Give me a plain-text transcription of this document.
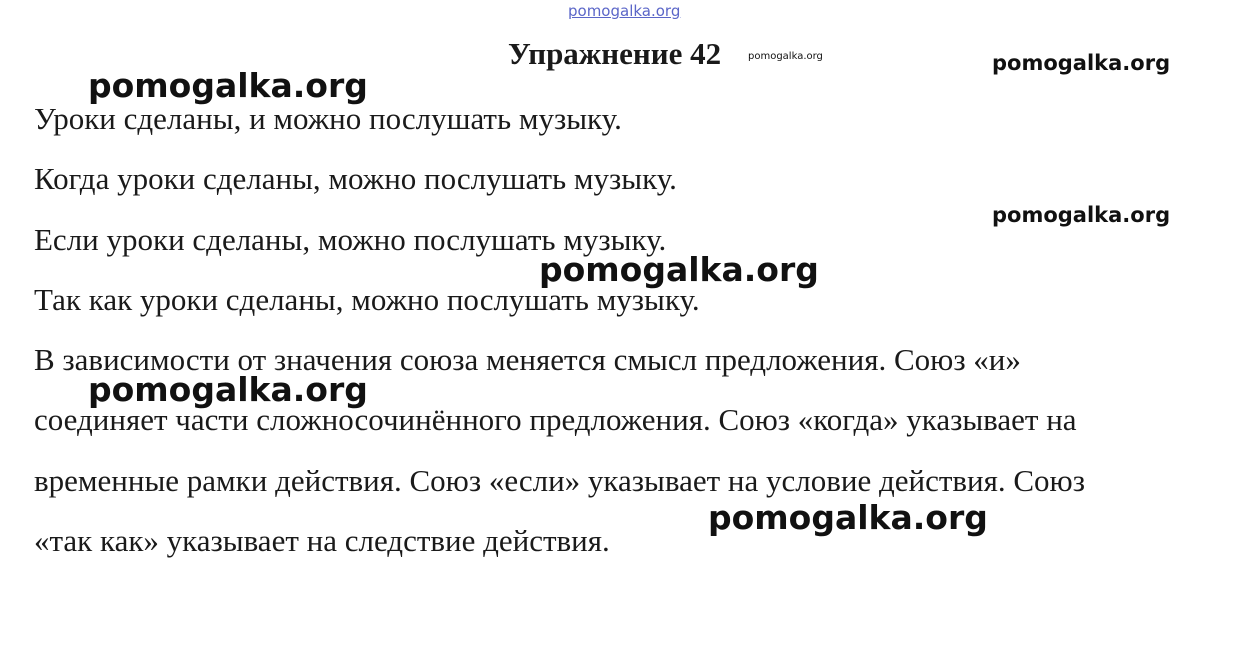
pomogalka.org
Упражнение 42	pomogalka.org	pomogalka.org
pomogalka.org
pomogalka.org
pomogalka.org
pomogalka.org
pomogalka.org
Уроки сделаны, и можно послушать музыку.
Когда уроки сделаны, можно послушать музыку.
Если уроки сделаны, можно послушать музыку.
Так как уроки сделаны, можно послушать музыку.
В зависимости от значения союза меняется смысл предложения. Союз «и»
соединяет части сложносочинённого предложения. Союз «когда» указывает на
временные рамки действия. Союз «если» указывает на условие действия. Союз
«так как» указывает на следствие действия.
